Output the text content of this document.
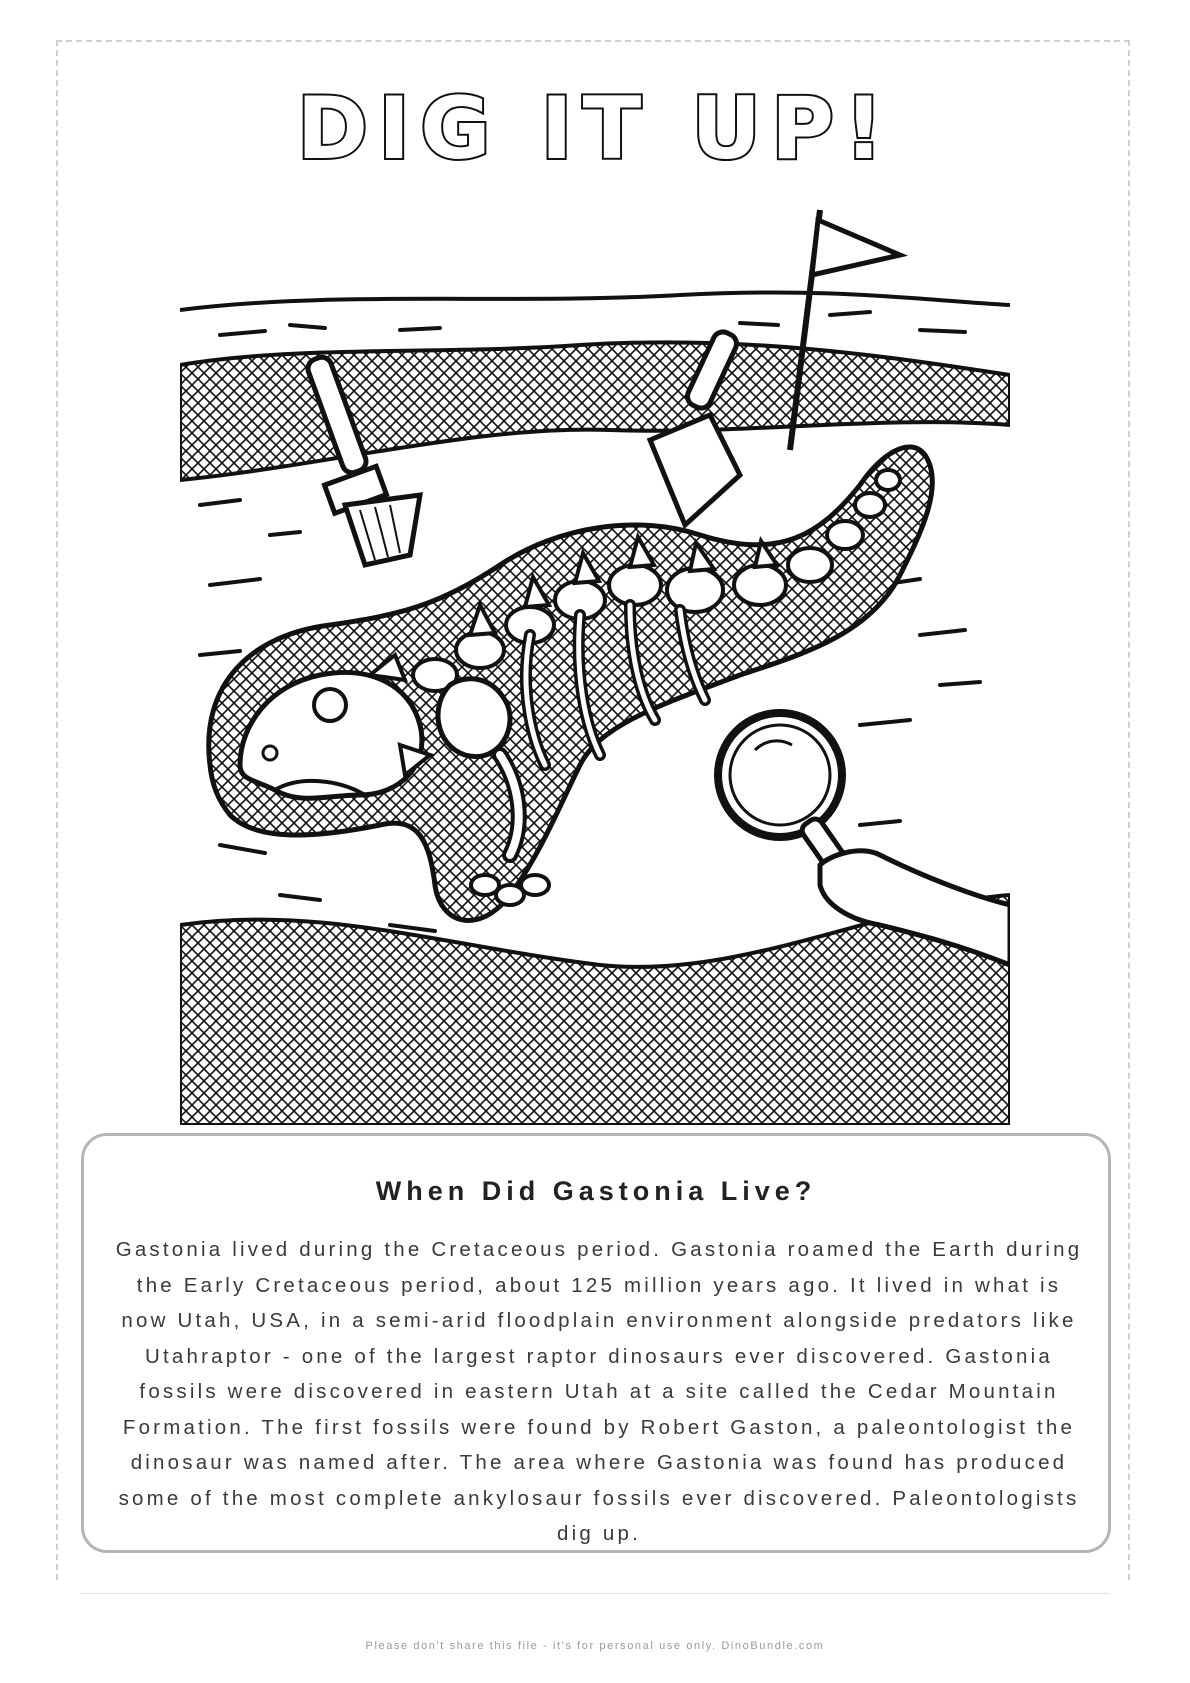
DIG IT UP!
When Did Gastonia Live?
Gastonia lived during the Cretaceous period. Gastonia roamed the Earth during the Early Cretaceous period, about 125 million years ago. It lived in what is now Utah, USA, in a semi-arid floodplain environment alongside predators like Utahraptor - one of the largest raptor dinosaurs ever discovered. Gastonia fossils were discovered in eastern Utah at a site called the Cedar Mountain Formation. The first fossils were found by Robert Gaston, a paleontologist the dinosaur was named after. The area where Gastonia was found has produced some of the most complete ankylosaur fossils ever discovered. Paleontologists dig up.
Please don't share this file - it's for personal use only. DinoBundle.com
